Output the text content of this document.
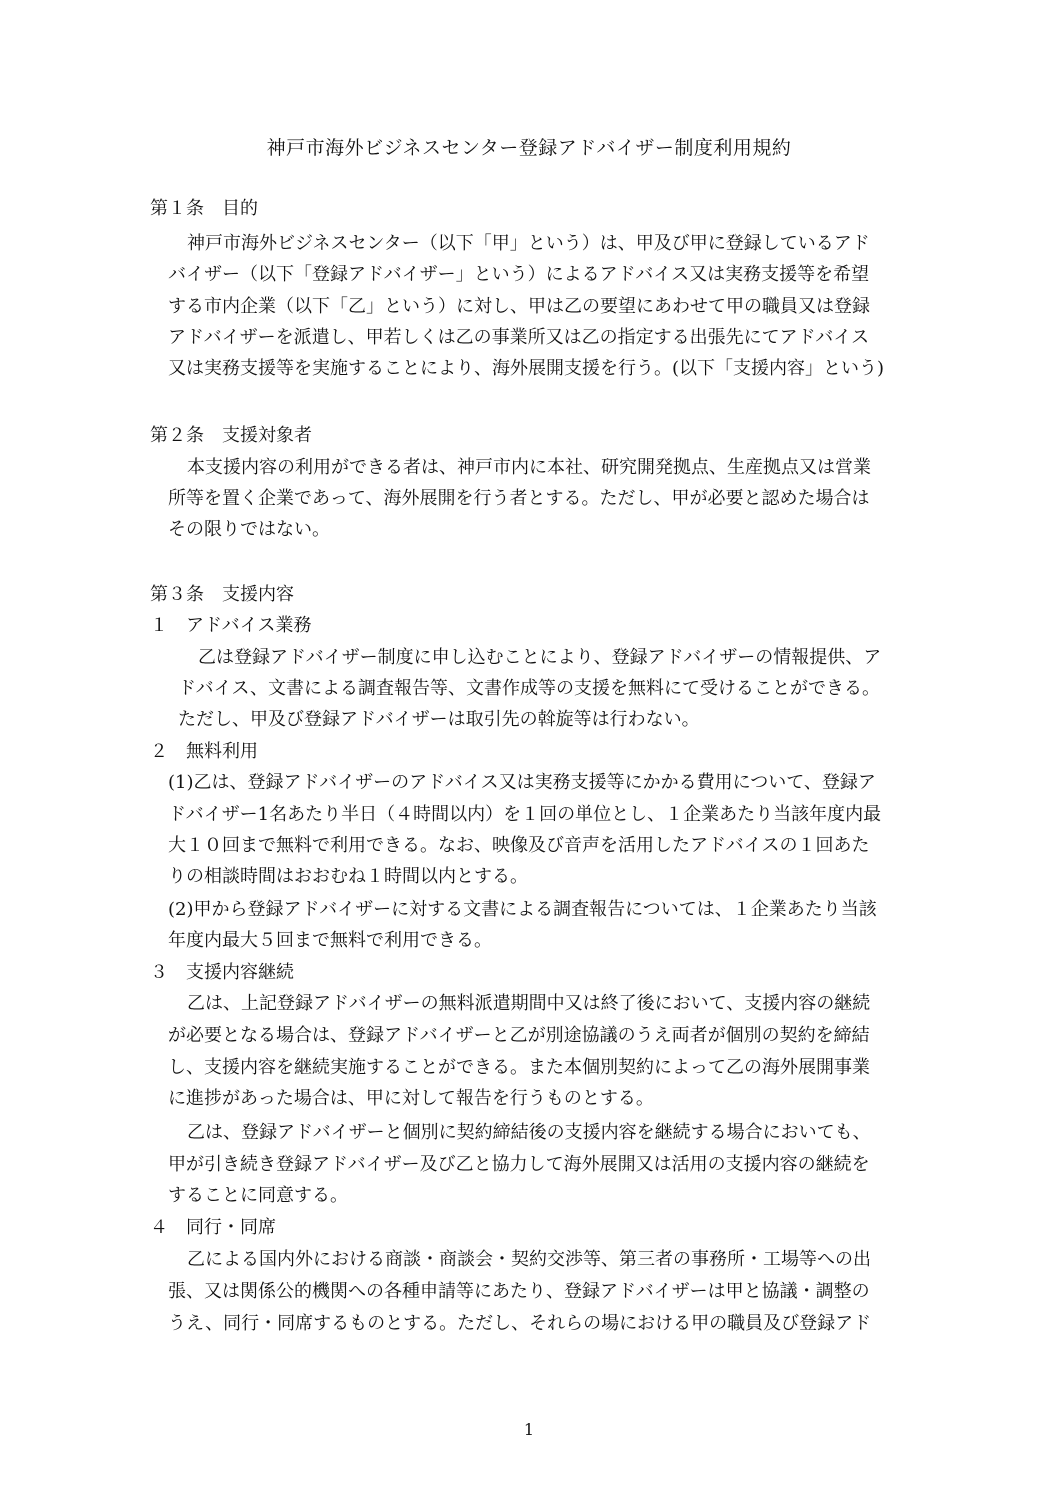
神戸市海外ビジネスセンター登録アドバイザー制度利用規約
第１条　目的
神戸市海外ビジネスセンター（以下「甲」という）は、甲及び甲に登録しているアド
バイザー（以下「登録アドバイザー」という）によるアドバイス又は実務支援等を希望
する市内企業（以下「乙」という）に対し、甲は乙の要望にあわせて甲の職員又は登録
アドバイザーを派遣し、甲若しくは乙の事業所又は乙の指定する出張先にてアドバイス
又は実務支援等を実施することにより、海外展開支援を行う。(以下「支援内容」という)
第２条　支援対象者
本支援内容の利用ができる者は、神戸市内に本社、研究開発拠点、生産拠点又は営業
所等を置く企業であって、海外展開を行う者とする。ただし、甲が必要と認めた場合は
その限りではない。
第３条　支援内容
１　アドバイス業務
乙は登録アドバイザー制度に申し込むことにより、登録アドバイザーの情報提供、ア
ドバイス、文書による調査報告等、文書作成等の支援を無料にて受けることができる。
ただし、甲及び登録アドバイザーは取引先の斡旋等は行わない。
２　無料利用
(1)乙は、登録アドバイザーのアドバイス又は実務支援等にかかる費用について、登録ア
ドバイザー1名あたり半日（４時間以内）を１回の単位とし、１企業あたり当該年度内最
大１０回まで無料で利用できる。なお、映像及び音声を活用したアドバイスの１回あた
りの相談時間はおおむね１時間以内とする。
(2)甲から登録アドバイザーに対する文書による調査報告については、１企業あたり当該
年度内最大５回まで無料で利用できる。
３　支援内容継続
乙は、上記登録アドバイザーの無料派遣期間中又は終了後において、支援内容の継続
が必要となる場合は、登録アドバイザーと乙が別途協議のうえ両者が個別の契約を締結
し、支援内容を継続実施することができる。また本個別契約によって乙の海外展開事業
に進捗があった場合は、甲に対して報告を行うものとする。
乙は、登録アドバイザーと個別に契約締結後の支援内容を継続する場合においても、
甲が引き続き登録アドバイザー及び乙と協力して海外展開又は活用の支援内容の継続を
することに同意する。
４　同行・同席
乙による国内外における商談・商談会・契約交渉等、第三者の事務所・工場等への出
張、又は関係公的機関への各種申請等にあたり、登録アドバイザーは甲と協議・調整の
うえ、同行・同席するものとする。ただし、それらの場における甲の職員及び登録アド
1
